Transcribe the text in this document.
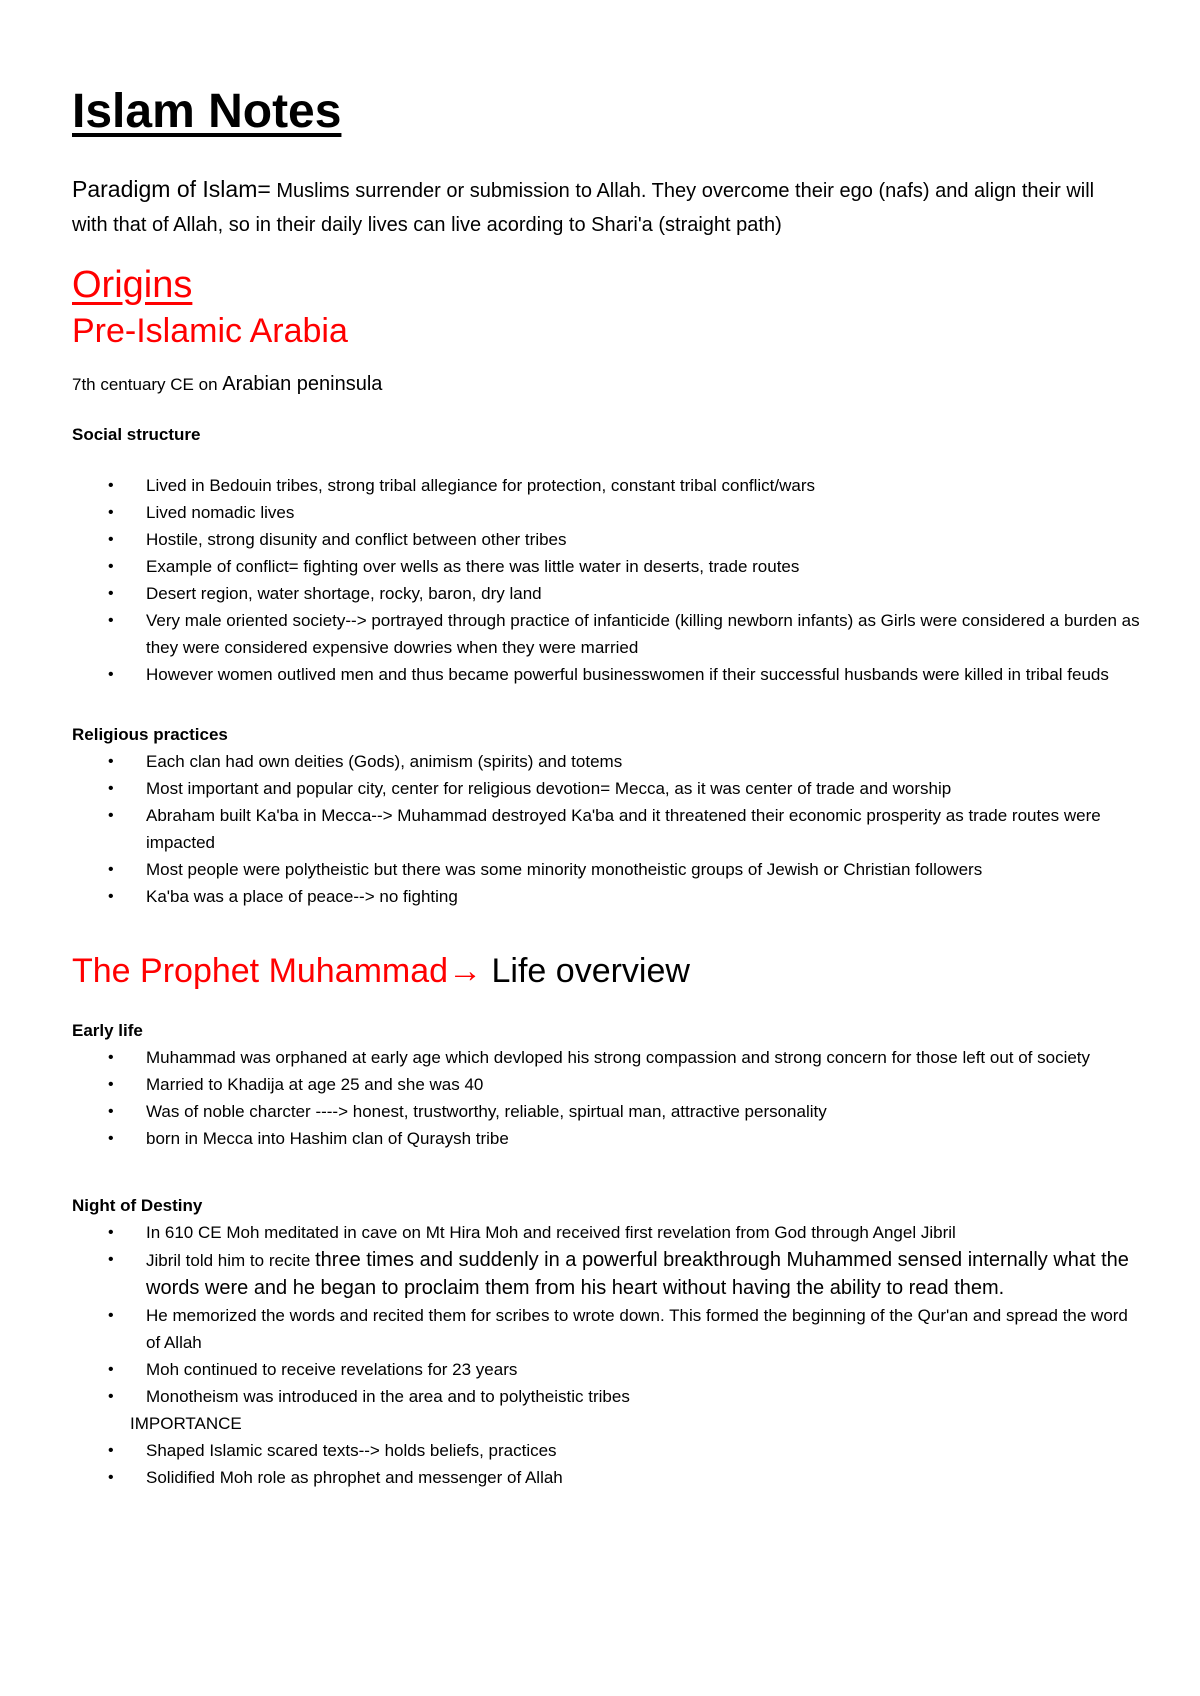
Islam Notes

Paradigm of Islam= Muslims surrender or submission to Allah. They overcome their ego (nafs) and align their will with that of Allah, so in their daily lives can live acording to Shari'a (straight path)

Origins
Pre-Islamic Arabia

7th centuary CE on Arabian peninsula

Social structure
• Lived in Bedouin tribes, strong tribal allegiance for protection, constant tribal conflict/wars
• Lived nomadic lives
• Hostile, strong disunity and conflict between other tribes
• Example of conflict= fighting over wells as there was little water in deserts, trade routes
• Desert region, water shortage, rocky, baron, dry land
• Very male oriented society--> portrayed through practice of infanticide (killing newborn infants) as Girls were considered a burden as they were considered expensive dowries when they were married
• However women outlived men and thus became powerful businesswomen if their successful husbands were killed in tribal feuds
Religious practices
• Each clan had own deities (Gods), animism (spirits) and totems
• Most important and popular city, center for religious devotion= Mecca, as it was center of trade and worship
• Abraham built Ka'ba in Mecca--> Muhammad destroyed Ka'ba and it threatened their economic prosperity as trade routes were impacted
• Most people were polytheistic but there was some minority monotheistic groups of Jewish or Christian followers
• Ka'ba was a place of peace--> no fighting
The Prophet Muhammad→ Life overview
Early life
• Muhammad was orphaned at early age which devloped his strong compassion and strong concern for those left out of society
• Married to Khadija at age 25 and she was 40
• Was of noble charcter ----> honest, trustworthy, reliable, spirtual man, attractive personality
• born in Mecca into Hashim clan of Quraysh tribe
Night of Destiny
• In 610 CE Moh meditated in cave on Mt Hira Moh and received first revelation from God through Angel Jibril
• Jibril told him to recite three times and suddenly in a powerful breakthrough Muhammed sensed internally what the words were and he began to proclaim them from his heart without having the ability to read them.
• He memorized the words and recited them for scribes to wrote down. This formed the beginning of the Qur'an and spread the word of Allah
• Moh continued to receive revelations for 23 years
• Monotheism was introduced in the area and to polytheistic tribes
IMPORTANCE
• Shaped Islamic scared texts--> holds beliefs, practices
• Solidified Moh role as phrophet and messenger of Allah
